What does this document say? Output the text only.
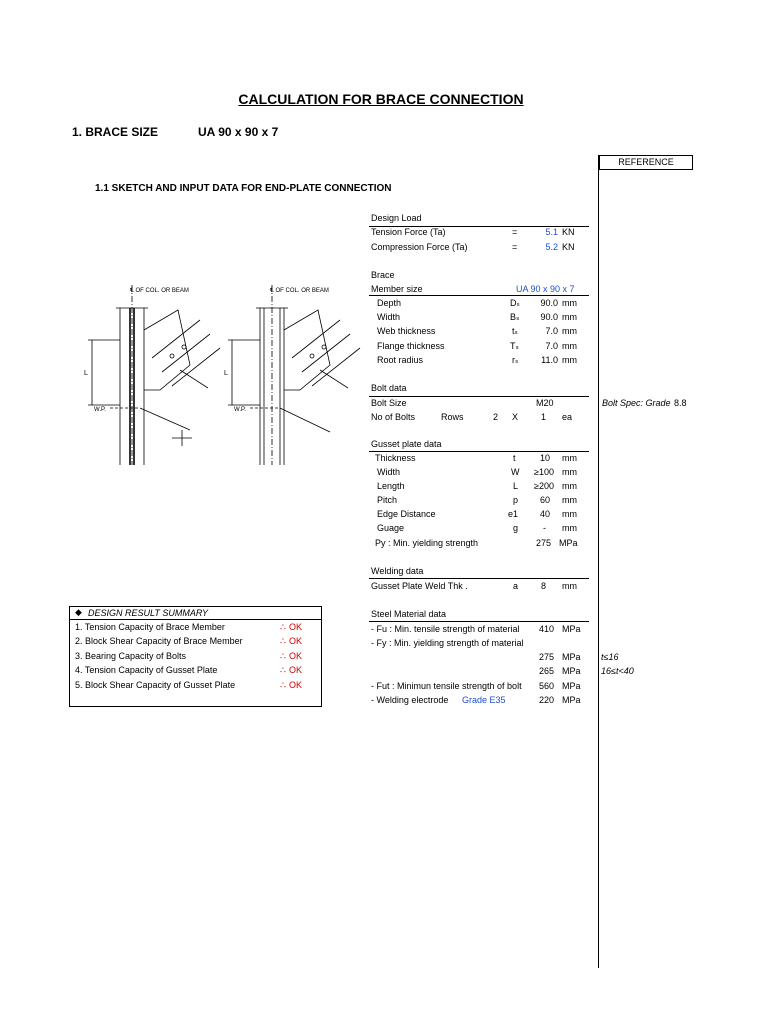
CALCULATION FOR BRACE CONNECTION
1. BRACE SIZE	UA 90 x 90 x 7
REFERENCE
1.1 SKETCH AND INPUT DATA FOR END-PLATE CONNECTION
℄ OF COL. OR BEAM	℄ OF COL. OR BEAM
W.P.	W.P.
L	L
Design Load
Tension Force (Ta)	=	5.1 KN
Compression Force (Ta)	=	5.2 KN
Brace
Member size	UA 90 x 90 x 7
Depth	Dₛ	90.0 mm
Width	Bₛ	90.0 mm
Web thickness	tₛ	7.0 mm
Flange thickness	Tₛ	7.0 mm
Root radius	rₛ	11.0 mm
Bolt data
Bolt Size	M20	Bolt Spec: Grade 8.8
No of Bolts	Rows	2 X	1 ea
Gusset plate data
Thickness	t	10 mm
Width	W	≥100 mm
Length	L	≥200 mm
Pitch	p	60 mm
Edge Distance	e1	40 mm
Guage	g	- mm
Py : Min. yielding strength	275 MPa
Welding data
Gusset Plate Weld Thk .	a	8 mm
Steel Material data
- Fu : Min. tensile strength of material 410 MPa
- Fy : Min. yielding strength of material
275 MPa t≤16
265 MPa 16≤t<40
- Fut : Minimun tensile strength of bolt 560 MPa
- Welding electrode Grade E35	220 MPa
◆ DESIGN RESULT SUMMARY
1. Tension Capacity of Brace Member	∴ OK
2. Block Shear Capacity of Brace Member	∴ OK
3. Bearing Capacity of Bolts	∴ OK
4. Tension Capacity of Gusset Plate	∴ OK
5. Block Shear Capacity of Gusset Plate	∴ OK
